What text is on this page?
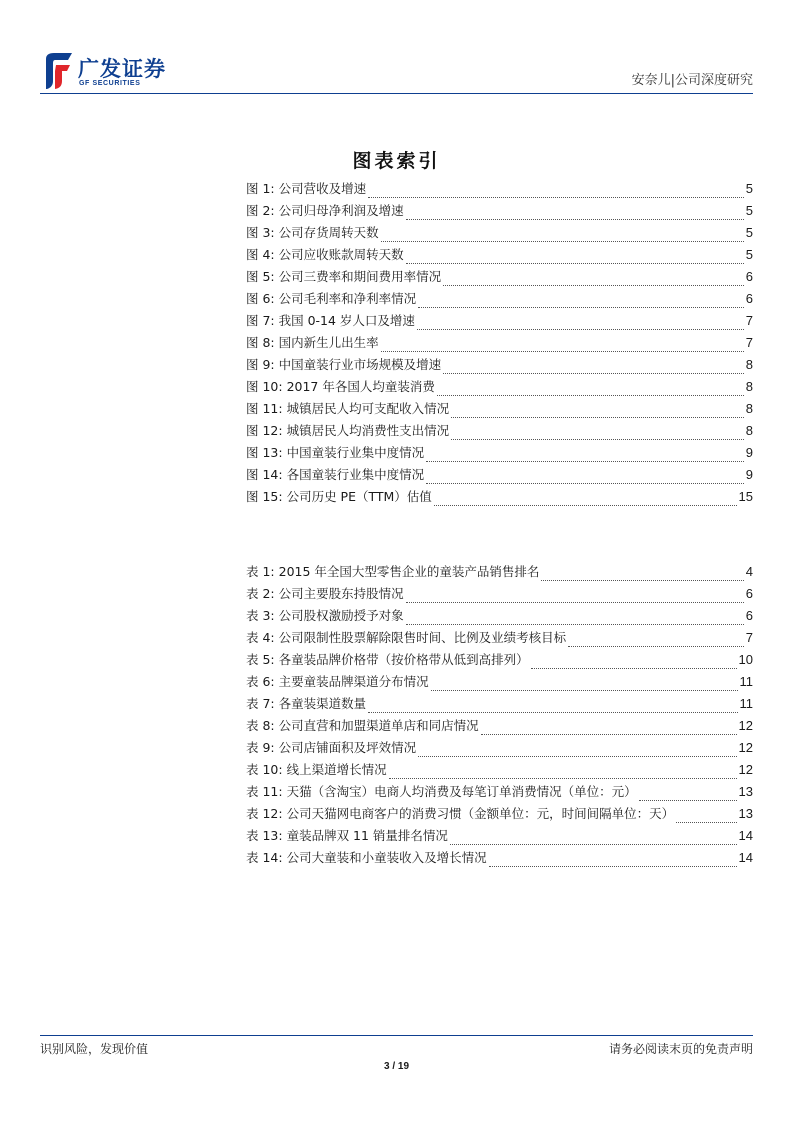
广发证券
GF SECURITIES	安奈儿|公司深度研究
图表索引
图 1: 公司营收及增速	5
图 2: 公司归母净利润及增速	5
图 3: 公司存货周转天数	5
图 4: 公司应收账款周转天数	5
图 5: 公司三费率和期间费用率情况	6
图 6: 公司毛利率和净利率情况	6
图 7: 我国 0-14 岁人口及增速	7
图 8: 国内新生儿出生率	7
图 9: 中国童装行业市场规模及增速	8
图 10: 2017 年各国人均童装消费	8
图 11: 城镇居民人均可支配收入情况	8
图 12: 城镇居民人均消费性支出情况	8
图 13: 中国童装行业集中度情况	9
图 14: 各国童装行业集中度情况	9
图 15: 公司历史 PE（TTM）估值	15
表 1: 2015 年全国大型零售企业的童装产品销售排名	4
表 2: 公司主要股东持股情况	6
表 3: 公司股权激励授予对象	6
表 4: 公司限制性股票解除限售时间、比例及业绩考核目标	7
表 5: 各童装品牌价格带（按价格带从低到高排列）	10
表 6: 主要童装品牌渠道分布情况	11
表 7: 各童装渠道数量	11
表 8: 公司直营和加盟渠道单店和同店情况	12
表 9: 公司店铺面积及坪效情况	12
表 10: 线上渠道增长情况	12
表 11: 天猫（含淘宝）电商人均消费及每笔订单消费情况（单位：元）	13
表 12: 公司天猫网电商客户的消费习惯（金额单位：元，时间间隔单位：天）	13
表 13: 童装品牌双 11 销量排名情况	14
表 14: 公司大童装和小童装收入及增长情况	14
识别风险，发现价值	请务必阅读末页的免责声明
3 / 19
